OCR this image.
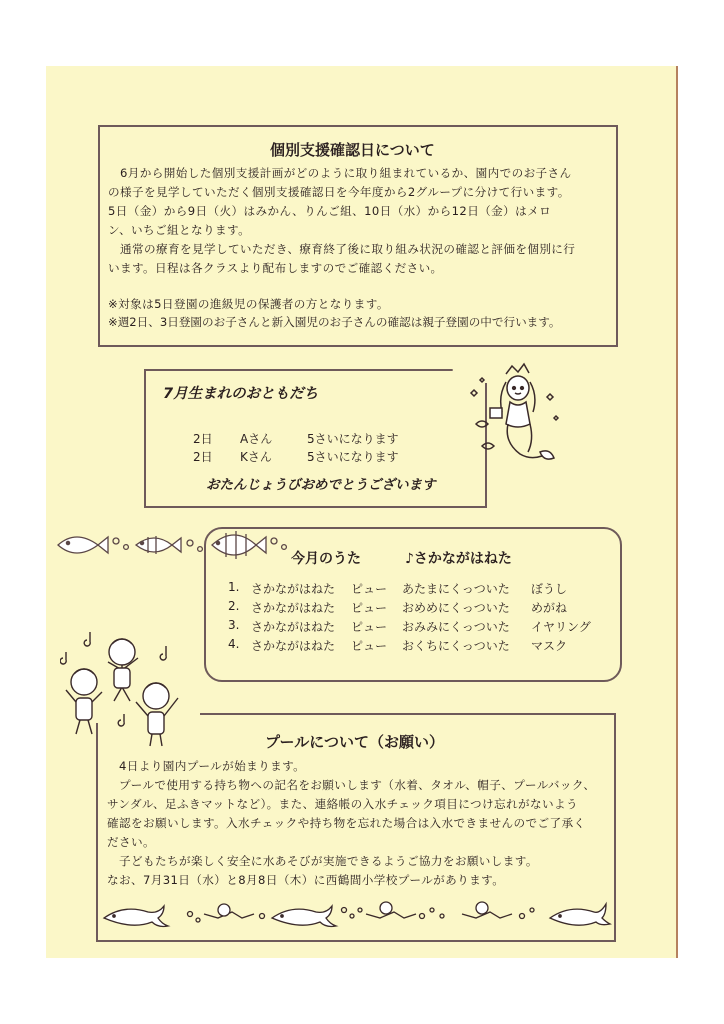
個別支援確認日について
　6月から開始した個別支援計画がどのように取り組まれているか、園内でのお子さん
の様子を見学していただく個別支援確認日を今年度から2グループに分けて行います。
5日（金）から9日（火）はみかん、りんご組、10日（水）から12日（金）はメロ
ン、いちご組となります。
　通常の療育を見学していただき、療育終了後に取り組み状況の確認と評価を個別に行
います。日程は各クラスより配布しますのでご確認ください。
※対象は5日登園の進級児の保護者の方となります。
※週2日、3日登園のお子さんと新入園児のお子さんの確認は親子登園の中で行います。
7月生まれのおともだち
2日 Aさん	5さいになります
2日 Kさん	5さいになります
おたんじょうびおめでとうございます
今月のうた	♪さかながはねた
1. さかながはねた ピュー あたまにくっついた ぼうし
2. さかながはねた ピュー おめめにくっついた めがね
3. さかながはねた ピュー おみみにくっついた イヤリング
4. さかながはねた ピュー おくちにくっついた マスク
プールについて（お願い）
　4日より園内プールが始まります。
　プールで使用する持ち物への記名をお願いします（水着、タオル、帽子、プールバック、
サンダル、足ふきマットなど）。また、連絡帳の入水チェック項目につけ忘れがないよう
確認をお願いします。入水チェックや持ち物を忘れた場合は入水できませんのでご了承く
ださい。
　子どもたちが楽しく安全に水あそびが実施できるようご協力をお願いします。
なお、7月31日（水）と8月8日（木）に西鶴間小学校プールがあります。
